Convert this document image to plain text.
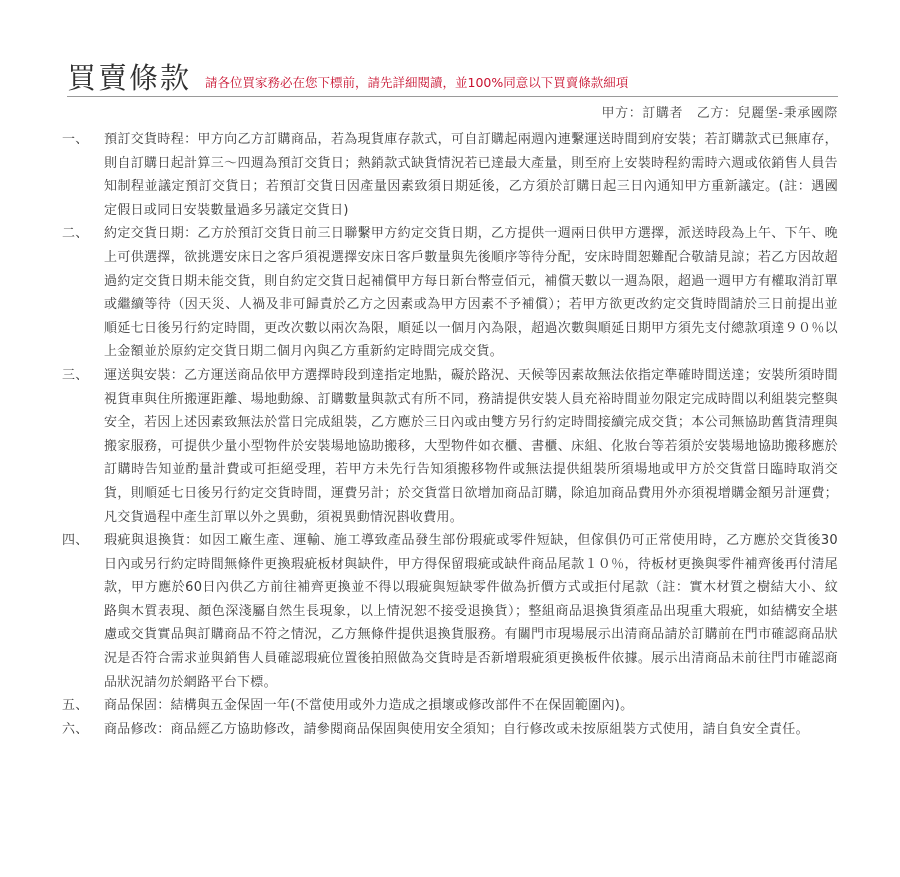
買賣條款 請各位買家務必在您下標前，請先詳細閱讀，並100%同意以下買賣條款細項
甲方：訂購者　乙方：兒麗堡-秉承國際
一、	預訂交貨時程：甲方向乙方訂購商品，若為現貨庫存款式，可自訂購起兩週內連繫運送時間到府安裝；若訂購款式已無庫存，則自訂購日起計算三～四週為預訂交貨日；熱銷款式缺貨情況若已達最大產量，則至府上安裝時程約需時六週或依銷售人員告知制程並議定預訂交貨日；若預訂交貨日因產量因素致須日期延後，乙方須於訂購日起三日內通知甲方重新議定。(註：遇國定假日或同日安裝數量過多另議定交貨日)
二、	約定交貨日期：乙方於預訂交貨日前三日聯繫甲方約定交貨日期，乙方提供一週兩日供甲方選擇，派送時段為上午、下午、晚上可供選擇，欲挑選安床日之客戶須視選擇安床日客戶數量與先後順序等待分配，安床時間恕難配合敬請見諒；若乙方因故超過約定交貨日期未能交貨，則自約定交貨日起補償甲方每日新台幣壹佰元，補償天數以一週為限，超過一週甲方有權取消訂單或繼續等待（因天災、人禍及非可歸責於乙方之因素或為甲方因素不予補償）；若甲方欲更改約定交貨時間請於三日前提出並順延七日後另行約定時間，更改次數以兩次為限，順延以一個月內為限，超過次數與順延日期甲方須先支付總款項達９０％以上金額並於原約定交貨日期二個月內與乙方重新約定時間完成交貨。
三、	運送與安裝：乙方運送商品依甲方選擇時段到達指定地點，礙於路況、天候等因素故無法依指定準確時間送達；安裝所須時間視貨車與住所搬運距離、場地動線、訂購數量與款式有所不同，務請提供安裝人員充裕時間並勿限定完成時間以利組裝完整與安全，若因上述因素致無法於當日完成組裝，乙方應於三日內或由雙方另行約定時間接續完成交貨；本公司無協助舊貨清理與搬家服務，可提供少量小型物件於安裝場地協助搬移，大型物件如衣櫃、書櫃、床組、化妝台等若須於安裝場地協助搬移應於訂購時告知並酌量計費或可拒絕受理，若甲方未先行告知須搬移物件或無法提供組裝所須場地或甲方於交貨當日臨時取消交貨，則順延七日後另行約定交貨時間，運費另計；於交貨當日欲增加商品訂購，除追加商品費用外亦須視增購金額另計運費；凡交貨過程中產生訂單以外之異動，須視異動情況斟收費用。
四、	瑕疵與退換貨：如因工廠生產、運輸、施工導致產品發生部份瑕疵或零件短缺，但傢俱仍可正常使用時，乙方應於交貨後30日內或另行約定時間無條件更換瑕疵板材與缺件，甲方得保留瑕疵或缺件商品尾款１０％，待板材更換與零件補齊後再付清尾款，甲方應於60日內供乙方前往補齊更換並不得以瑕疵與短缺零件做為折價方式或拒付尾款（註：實木材質之樹結大小、紋路與木質表現、顏色深淺屬自然生長現象，以上情況恕不接受退換貨）；整組商品退換貨須產品出現重大瑕疵，如結構安全堪慮或交貨實品與訂購商品不符之情況，乙方無條件提供退換貨服務。有關門市現場展示出清商品請於訂購前在門市確認商品狀況是否符合需求並與銷售人員確認瑕疵位置後拍照做為交貨時是否新增瑕疵須更換板件依據。展示出清商品未前往門市確認商品狀況請勿於網路平台下標。
五、	商品保固：結構與五金保固一年(不當使用或外力造成之損壞或修改部件不在保固範圍內)。
六、	商品修改：商品經乙方協助修改，請參閱商品保固與使用安全須知；自行修改或未按原組裝方式使用，請自負安全責任。
